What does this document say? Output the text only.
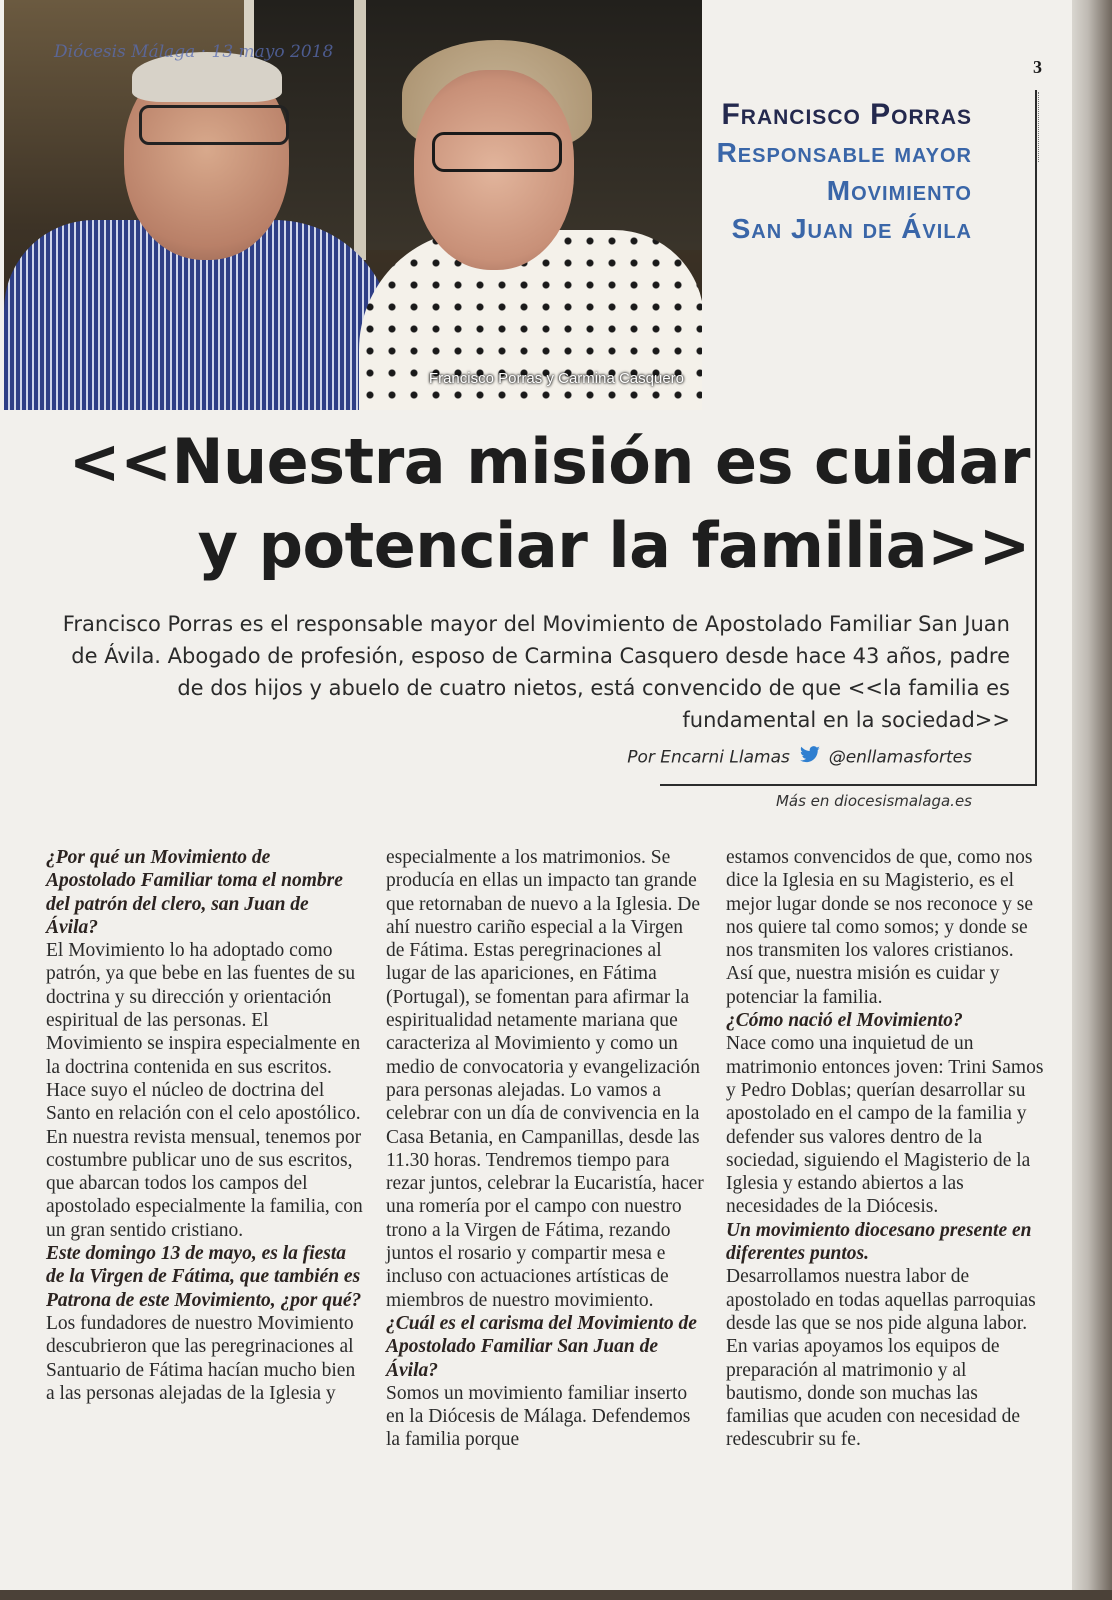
Diócesis Málaga · 13 mayo 2018
Francisco Porras y Carmina Casquero
3
Francisco Porras
Responsable mayor
Movimiento
San Juan de Ávila
<<Nuestra misión es cuidar
y potenciar la familia>>
Francisco Porras es el responsable mayor del Movimiento de Apostolado Familiar San Juan de Ávila. Abogado de profesión, esposo de Carmina Casquero desde hace 43 años, padre de dos hijos y abuelo de cuatro nietos, está convencido de que <<la familia es fundamental en la sociedad>>
Por Encarni Llamas @enllamasfortes
Más en diocesismalaga.es

¿Por qué un Movimiento de Apostolado Familiar toma el nombre del patrón del clero, san Juan de Ávila?

El Movimiento lo ha adoptado como patrón, ya que bebe en las fuentes de su doctrina y su dirección y orientación espiritual de las personas. El Movimiento se inspira especialmente en la doctrina contenida en sus escritos. Hace suyo el núcleo de doctrina del Santo en relación con el celo apostólico. En nuestra revista mensual, tenemos por costumbre publicar uno de sus escritos, que abarcan todos los campos del apostolado especialmente la familia, con un gran sentido cristiano.

Este domingo 13 de mayo, es la fiesta de la Virgen de Fátima, que también es Patrona de este Movimiento, ¿por qué?

Los fundadores de nuestro Movimiento descubrieron que las peregrinaciones al Santuario de Fátima hacían mucho bien a las personas alejadas de la Iglesia y

especialmente a los matrimonios. Se producía en ellas un impacto tan grande que retornaban de nuevo a la Iglesia. De ahí nuestro cariño especial a la Virgen de Fátima. Estas peregrinaciones al lugar de las apariciones, en Fátima (Portugal), se fomentan para afirmar la espiritualidad netamente mariana que caracteriza al Movimiento y como un medio de convocatoria y evangelización para personas alejadas. Lo vamos a celebrar con un día de convivencia en la Casa Betania, en Campanillas, desde las 11.30 horas. Tendremos tiempo para rezar juntos, celebrar la Eucaristía, hacer una romería por el campo con nuestro trono a la Virgen de Fátima, rezando juntos el rosario y compartir mesa e incluso con actuaciones artísticas de miembros de nuestro movimiento.

¿Cuál es el carisma del Movimiento de Apostolado Familiar San Juan de Ávila?

Somos un movimiento familiar inserto en la Diócesis de Málaga. Defendemos la familia porque

estamos convencidos de que, como nos dice la Iglesia en su Magisterio, es el mejor lugar donde se nos reconoce y se nos quiere tal como somos; y donde se nos transmiten los valores cristianos. Así que, nuestra misión es cuidar y potenciar la familia.

¿Cómo nació el Movimiento?

Nace como una inquietud de un matrimonio entonces joven: Trini Samos y Pedro Doblas; querían desarrollar su apostolado en el campo de la familia y defender sus valores dentro de la sociedad, siguiendo el Magisterio de la Iglesia y estando abiertos a las necesidades de la Diócesis.

Un movimiento diocesano presente en diferentes puntos.

Desarrollamos nuestra labor de apostolado en todas aquellas parroquias desde las que se nos pide alguna labor. En varias apoyamos los equipos de preparación al matrimonio y al bautismo, donde son muchas las familias que acuden con necesidad de redescubrir su fe.
